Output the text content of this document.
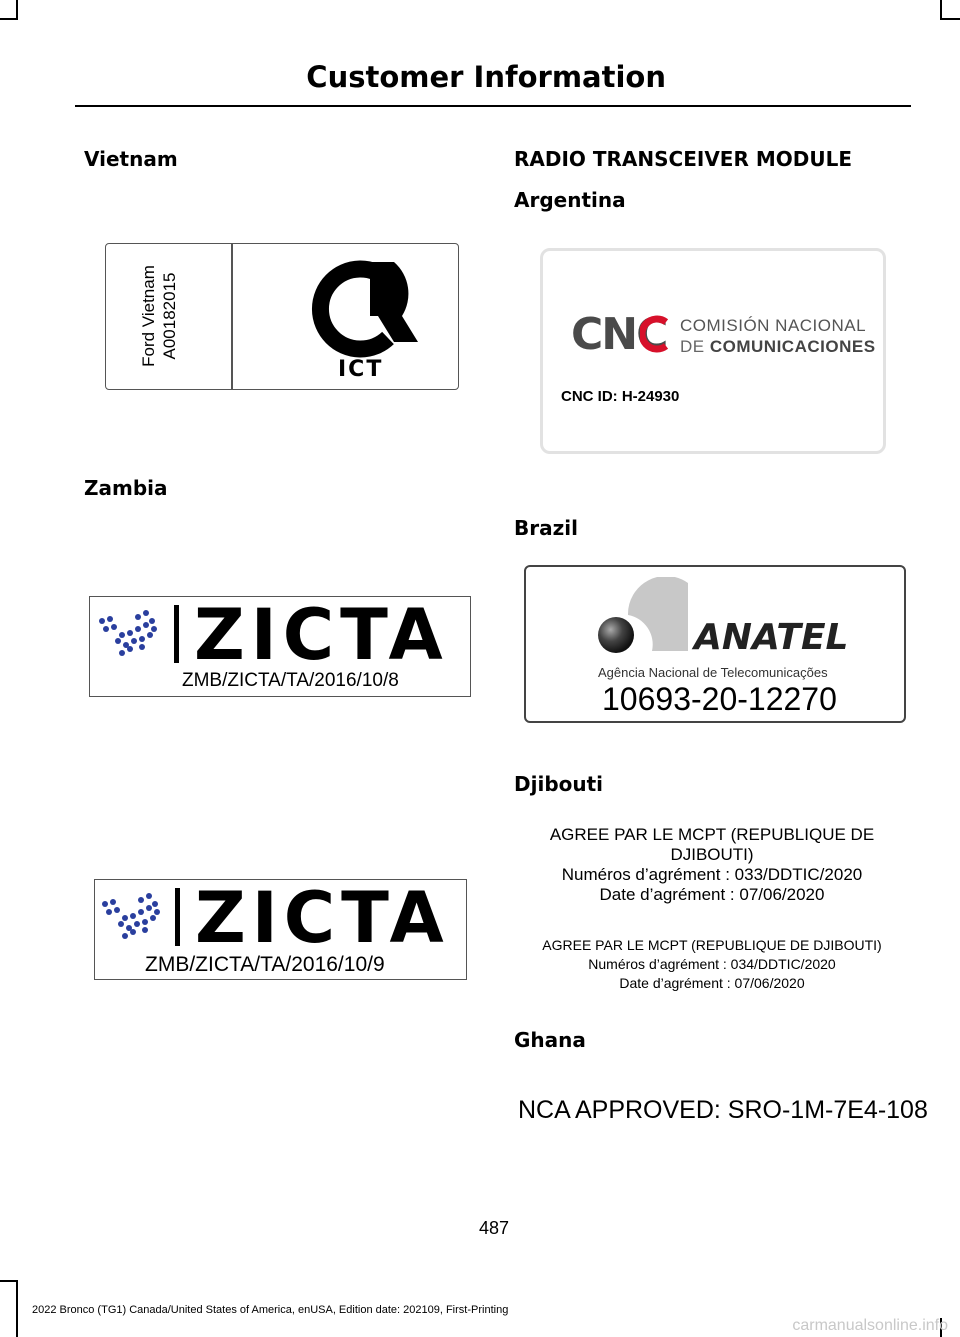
Customer Information
Vietnam
Ford Vietnam A00182015
ICT
Zambia
ZICTA
ZMB/ZICTA/TA/2016/10/8
ZICTA
ZMB/ZICTA/TA/2016/10/9
RADIO TRANSCEIVER MODULE
Argentina
CNC COMISIÓN NACIONAL
DE COMUNICACIONES
CNC ID: H-24930
Brazil
ANATEL
Agência Nacional de Telecomunicações
10693-20-12270
Djibouti
AGREE PAR LE MCPT (REPUBLIQUE DE DJIBOUTI)
Numéros d’agrément : 033/DDTIC/2020
Date d’agrément : 07/06/2020
AGREE PAR LE MCPT (REPUBLIQUE DE DJIBOUTI)
Numéros d’agrément : 034/DDTIC/2020
Date d’agrément : 07/06/2020
Ghana
NCA APPROVED: SRO-1M-7E4-108
487
2022 Bronco (TG1) Canada/United States of America, enUSA, Edition date: 202109, First-Printing
carmanualsonline.info
